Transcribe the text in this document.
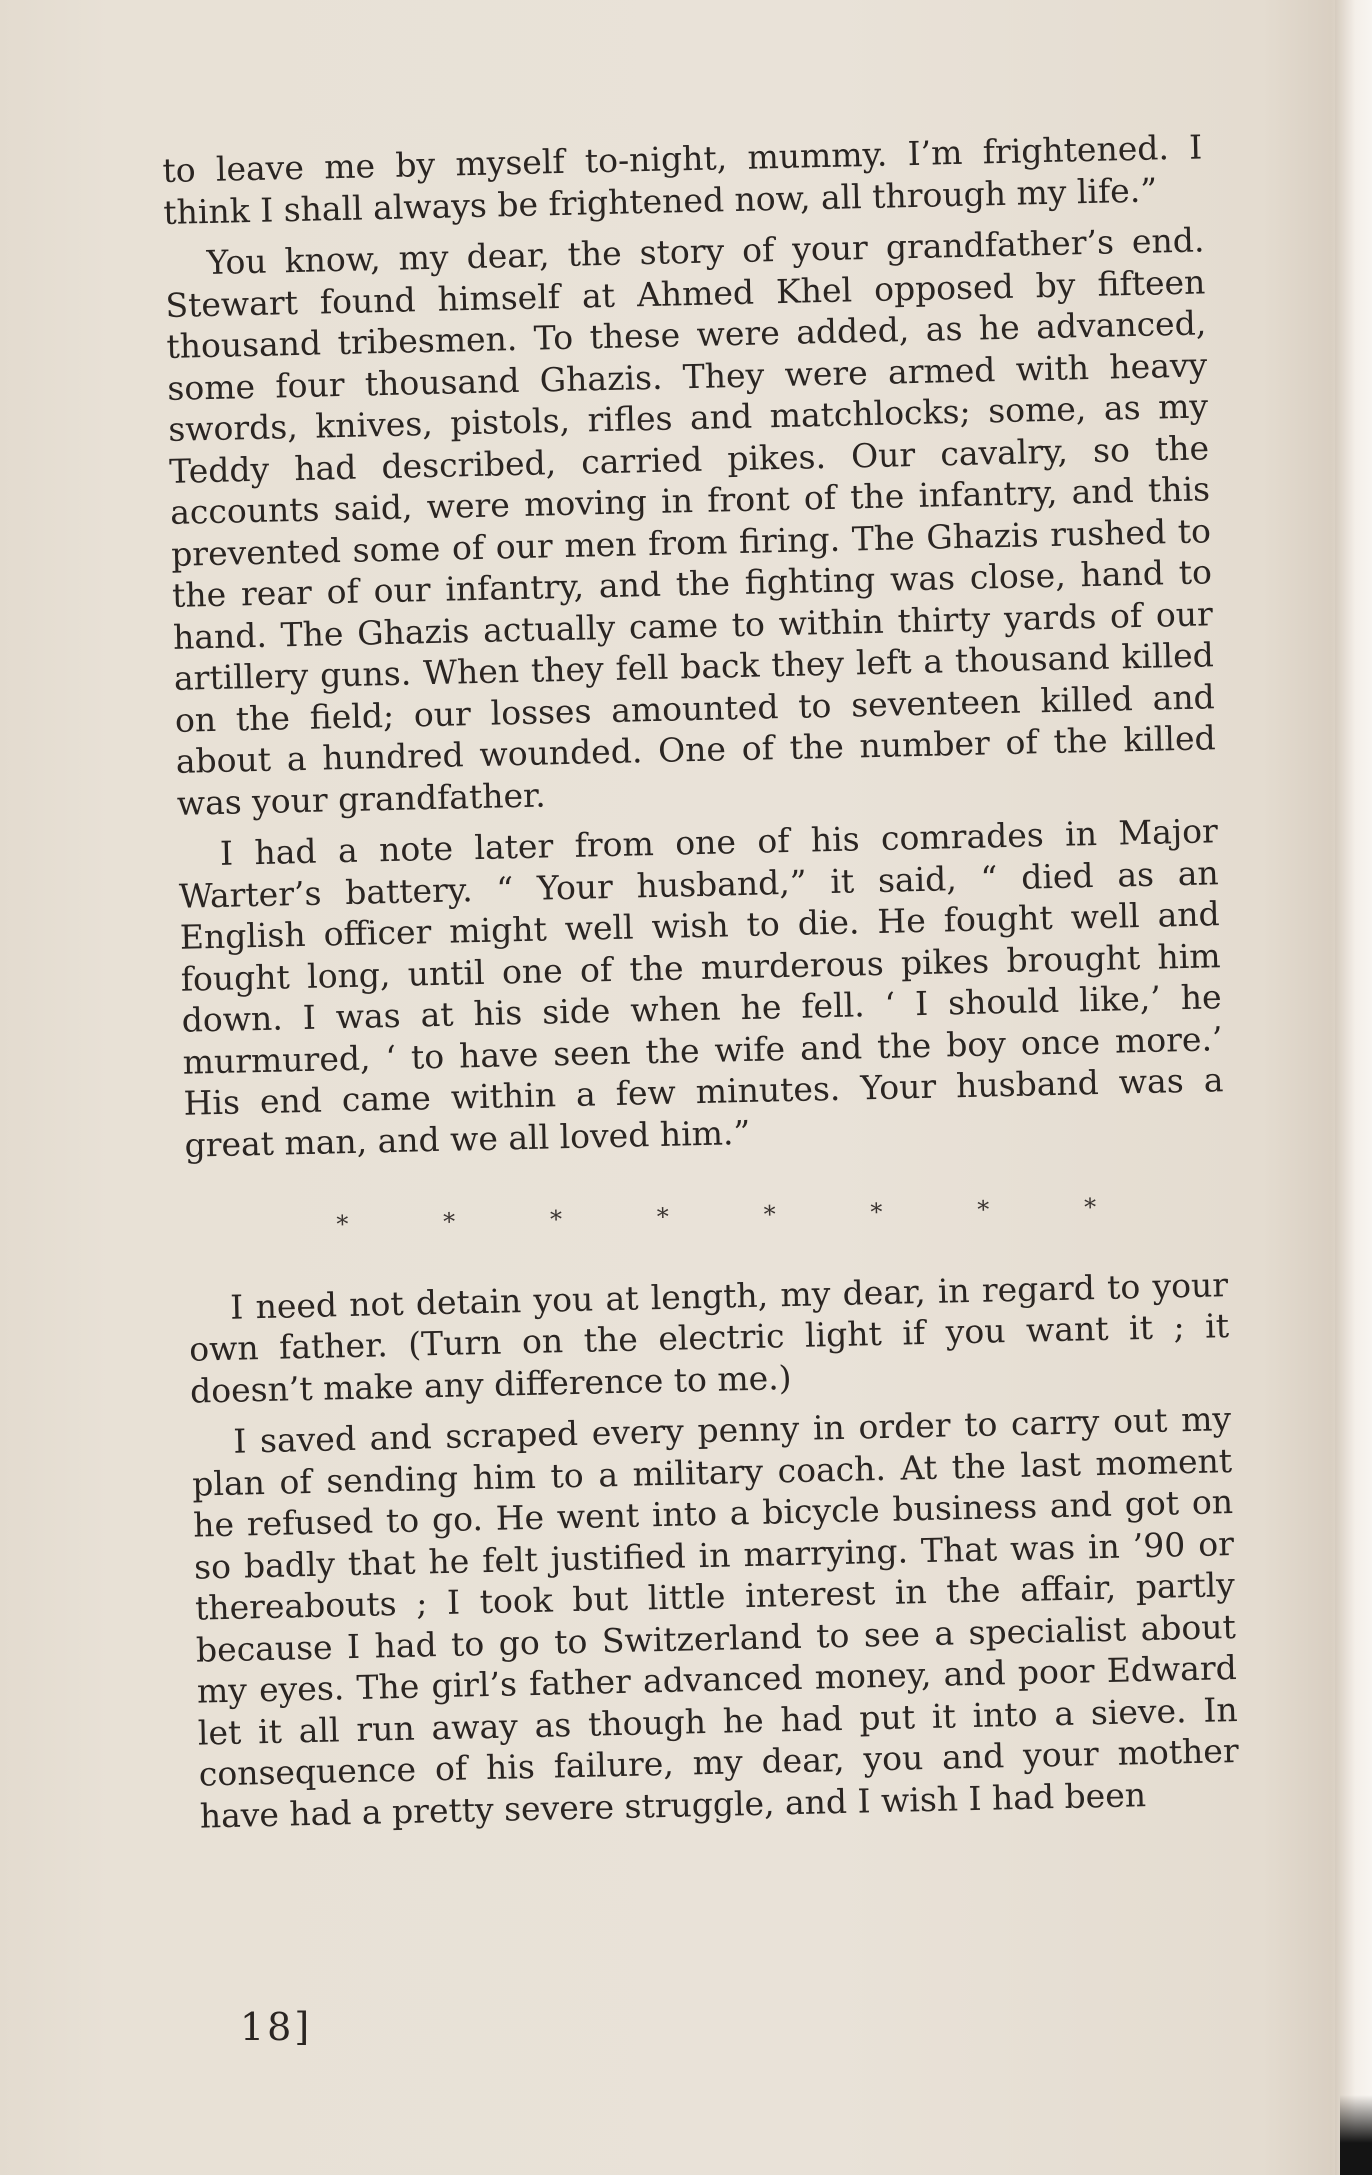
to leave me by myself to-night, mummy. I’m frightened. I think I shall always be frightened now, all through my life.”

You know, my dear, the story of your grandfather’s end. Stewart found himself at Ahmed Khel opposed by fifteen thousand tribesmen. To these were added, as he advanced, some four thousand Ghazis. They were armed with heavy swords, knives, pistols, rifles and matchlocks; some, as my Teddy had described, carried pikes. Our cavalry, so the accounts said, were moving in front of the infantry, and this prevented some of our men from firing. The Ghazis rushed to the rear of our infantry, and the fighting was close, hand to hand. The Ghazis actually came to within thirty yards of our artillery guns. When they fell back they left a thousand killed on the field; our losses amounted to seventeen killed and about a hundred wounded. One of the number of the killed was your grandfather.

I had a note later from one of his comrades in Major Warter’s battery. “ Your husband,” it said, “ died as an English officer might well wish to die. He fought well and fought long, until one of the murderous pikes brought him down. I was at his side when he fell. ‘ I should like,’ he murmured, ‘ to have seen the wife and the boy once more.’ His end came within a few minutes. Your husband was a great man, and we all loved him.”

*	*	*	*	*	*	*	*

I need not detain you at length, my dear, in regard to your own father. (Turn on the electric light if you want it ; it doesn’t make any difference to me.)

I saved and scraped every penny in order to carry out my plan of sending him to a military coach. At the last moment he refused to go. He went into a bicycle business and got on so badly that he felt justified in marrying. That was in ’90 or thereabouts ; I took but little interest in the affair, partly because I had to go to Switzerland to see a specialist about my eyes. The girl’s father advanced money, and poor Edward let it all run away as though he had put it into a sieve. In consequence of his failure, my dear, you and your mother have had a pretty severe struggle, and I wish I had been

18]
